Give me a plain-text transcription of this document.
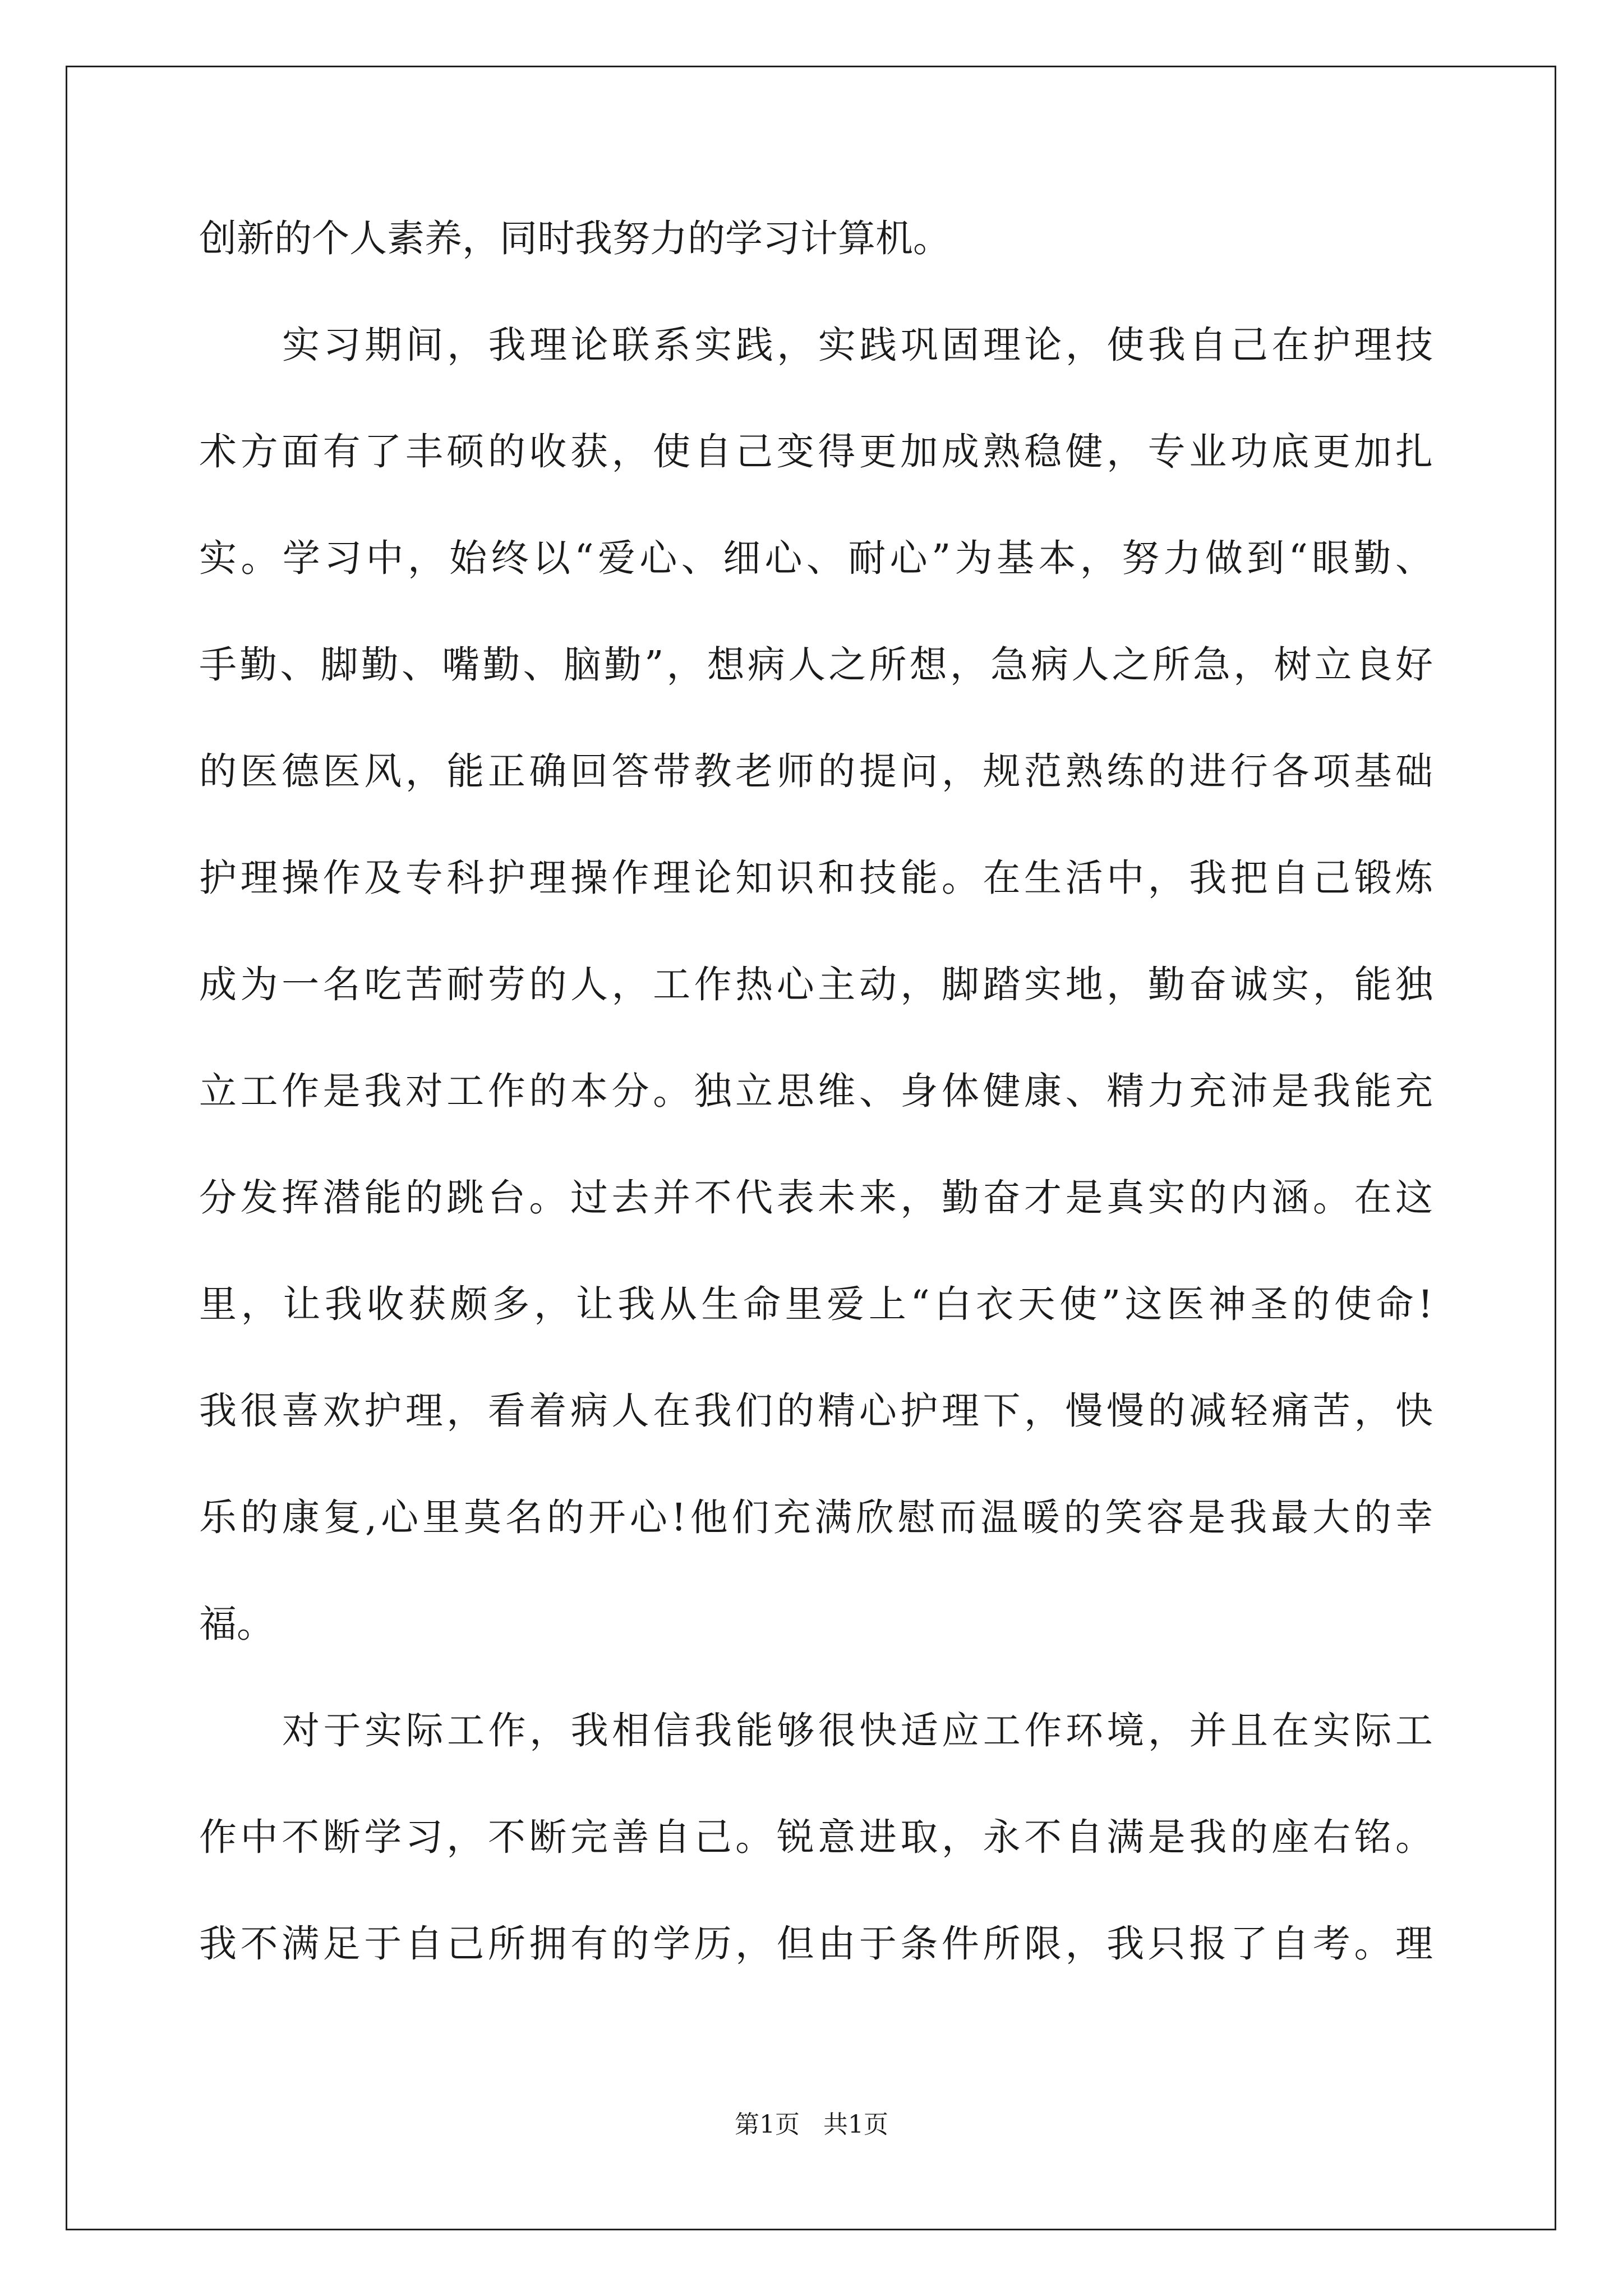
创新的个人素养，同时我努力的学习计算机。
实习期间，我理论联系实践，实践巩固理论，使我自己在护理技
术方面有了丰硕的收获，使自己变得更加成熟稳健，专业功底更加扎
实。学习中，始终以“爱心、细心、耐心”为基本，努力做到“眼勤、
手勤、脚勤、嘴勤、脑勤”，想病人之所想，急病人之所急，树立良好
的医德医风，能正确回答带教老师的提问，规范熟练的进行各项基础
护理操作及专科护理操作理论知识和技能。在生活中，我把自己锻炼
成为一名吃苦耐劳的人，工作热心主动，脚踏实地，勤奋诚实，能独
立工作是我对工作的本分。独立思维、身体健康、精力充沛是我能充
分发挥潜能的跳台。过去并不代表未来，勤奋才是真实的内涵。在这
里，让我收获颇多，让我从生命里爱上“白衣天使”这医神圣的使命!
我很喜欢护理，看着病人在我们的精心护理下，慢慢的减轻痛苦，快
乐的康复,心里莫名的开心!他们充满欣慰而温暖的笑容是我最大的幸
福。
对于实际工作，我相信我能够很快适应工作环境，并且在实际工
作中不断学习，不断完善自己。锐意进取，永不自满是我的座右铭。
我不满足于自己所拥有的学历，但由于条件所限，我只报了自考。理
第1页 共1页
